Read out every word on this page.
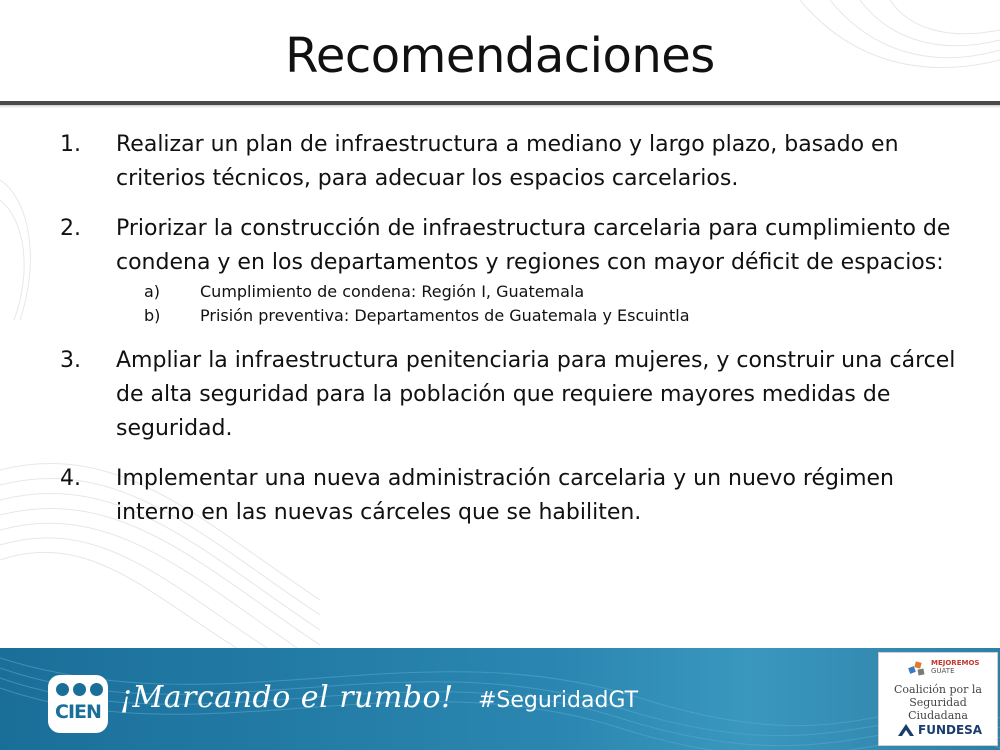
Recomendaciones
1.	Realizar un plan de infraestructura a mediano y largo plazo, basado en criterios técnicos, para adecuar los espacios carcelarios.
2.	Priorizar la construcción de infraestructura carcelaria para cumplimiento de condena y en los departamentos y regiones con mayor déficit de espacios:
a)	Cumplimiento de condena: Región I, Guatemala
b)	Prisión preventiva: Departamentos de Guatemala y Escuintla
3.	Ampliar la infraestructura penitenciaria para mujeres, y construir una cárcel de alta seguridad para la población que requiere mayores medidas de seguridad.
4.	Implementar una nueva administración carcelaria y un nuevo régimen interno en las nuevas cárceles que se habiliten.
CIEN ¡Marcando el rumbo! #SeguridadGT
MEJOREMOS
GUATE
Coalición por la
Seguridad Ciudadana
FUNDESA
